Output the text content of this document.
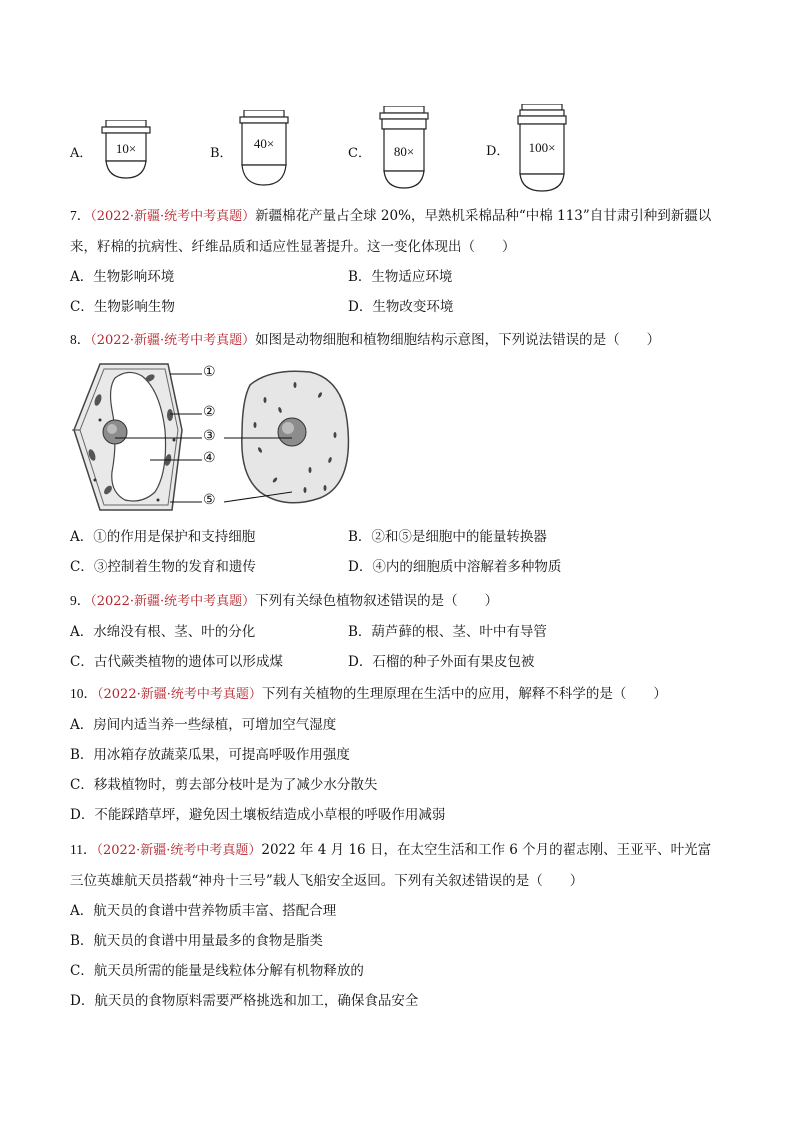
A． 10×	B．
40×
C． 80×	D． 100×
7．（2022·新疆·统考中考真题）新疆棉花产量占全球 20%，早熟机采棉品种“中棉 113”自甘肃引种到新疆以
来，籽棉的抗病性、纤维品质和适应性显著提升。这一变化体现出（　　）
A．生物影响环境	B．生物适应环境
C．生物影响生物	D．生物改变环境
8．（2022·新疆·统考中考真题）如图是动物细胞和植物细胞结构示意图，下列说法错误的是（　　）
①
②
③
④
⑤
A．①的作用是保护和支持细胞	B．②和⑤是细胞中的能量转换器
C．③控制着生物的发育和遗传	D．④内的细胞质中溶解着多种物质
9．（2022·新疆·统考中考真题）下列有关绿色植物叙述错误的是（　　）
A．水绵没有根、茎、叶的分化	B．葫芦藓的根、茎、叶中有导管
C．古代蕨类植物的遗体可以形成煤	D．石榴的种子外面有果皮包被
10．（2022·新疆·统考中考真题）下列有关植物的生理原理在生活中的应用，解释不科学的是（　　）
A．房间内适当养一些绿植，可增加空气湿度
B．用冰箱存放蔬菜瓜果，可提高呼吸作用强度
C．移栽植物时，剪去部分枝叶是为了减少水分散失
D．不能踩踏草坪，避免因土壤板结造成小草根的呼吸作用减弱
11．（2022·新疆·统考中考真题）2022 年 4 月 16 日，在太空生活和工作 6 个月的翟志刚、王亚平、叶光富
三位英雄航天员搭载“神舟十三号”载人飞船安全返回。下列有关叙述错误的是（　　）
A．航天员的食谱中营养物质丰富、搭配合理
B．航天员的食谱中用量最多的食物是脂类
C．航天员所需的能量是线粒体分解有机物释放的
D．航天员的食物原料需要严格挑选和加工，确保食品安全
